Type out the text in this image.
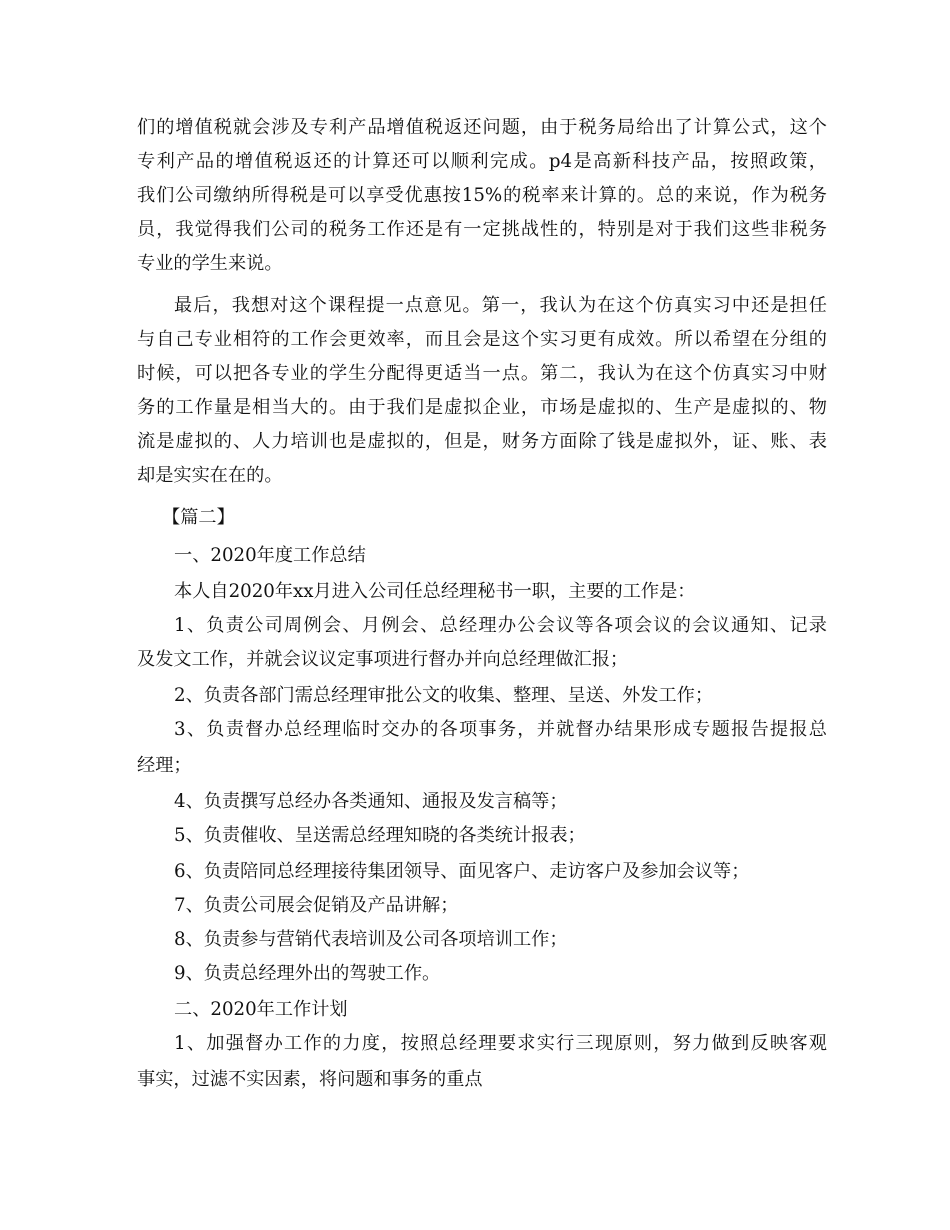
们的增值税就会涉及专利产品增值税返还问题，由于税务局给出了计算公式，这个
专利产品的增值税返还的计算还可以顺利完成。p4是高新科技产品，按照政策，
我们公司缴纳所得税是可以享受优惠按15%的税率来计算的。总的来说，作为税务
员，我觉得我们公司的税务工作还是有一定挑战性的，特别是对于我们这些非税务
专业的学生来说。
最后，我想对这个课程提一点意见。第一，我认为在这个仿真实习中还是担任
与自己专业相符的工作会更效率，而且会是这个实习更有成效。所以希望在分组的
时候，可以把各专业的学生分配得更适当一点。第二，我认为在这个仿真实习中财
务的工作量是相当大的。由于我们是虚拟企业，市场是虚拟的、生产是虚拟的、物
流是虚拟的、人力培训也是虚拟的，但是，财务方面除了钱是虚拟外，证、账、表
却是实实在在的。
【篇二】
一、2020年度工作总结
本人自2020年xx月进入公司任总经理秘书一职，主要的工作是：
1、负责公司周例会、月例会、总经理办公会议等各项会议的会议通知、记录
及发文工作，并就会议议定事项进行督办并向总经理做汇报；
2、负责各部门需总经理审批公文的收集、整理、呈送、外发工作；
3、负责督办总经理临时交办的各项事务，并就督办结果形成专题报告提报总
经理；
4、负责撰写总经办各类通知、通报及发言稿等；
5、负责催收、呈送需总经理知晓的各类统计报表；
6、负责陪同总经理接待集团领导、面见客户、走访客户及参加会议等；
7、负责公司展会促销及产品讲解；
8、负责参与营销代表培训及公司各项培训工作；
9、负责总经理外出的驾驶工作。
二、2020年工作计划
1、加强督办工作的力度，按照总经理要求实行三现原则，努力做到反映客观
事实，过滤不实因素，将问题和事务的重点
